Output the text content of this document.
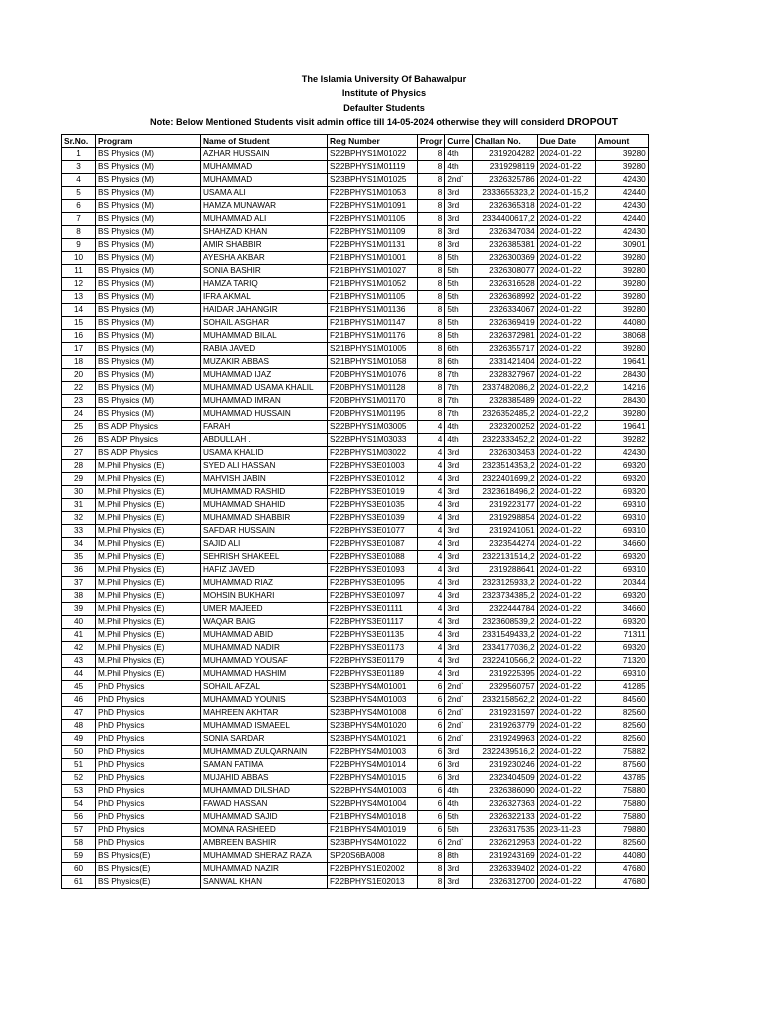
The Islamia University Of Bahawalpur
Institute of Physics
Defaulter Students
Note: Below Mentioned Students visit admin office till 14-05-2024 otherwise they will considerd DROPOUT
Sr.No.	Program	Name of Student	Reg Number	Progr	Curre	Challan No.	Due Date	Amount
1	BS Physics (M)	AZHAR HUSSAIN	S22BPHYS1M01022	8	4th	2319204282	2024-01-22	39280
3	BS Physics (M)	MUHAMMAD	S22BPHYS1M01119	8	4th	2319298119	2024-01-22	39280
4	BS Physics (M)	MUHAMMAD	S23BPHYS1M01025	8	2nd`	2326325786	2024-01-22	42430
5	BS Physics (M)	USAMA ALI	F22BPHYS1M01053	8	3rd	2333655323,2	2024-01-15,2	42440
6	BS Physics (M)	HAMZA MUNAWAR	F22BPHYS1M01091	8	3rd	2326365318	2024-01-22	42430
7	BS Physics (M)	MUHAMMAD ALI	F22BPHYS1M01105	8	3rd	2334400617,2	2024-01-22	42440
8	BS Physics (M)	SHAHZAD KHAN	F22BPHYS1M01109	8	3rd	2326347034	2024-01-22	42430
9	BS Physics (M)	AMIR SHABBIR	F22BPHYS1M01131	8	3rd	2326385381	2024-01-22	30901
10	BS Physics (M)	AYESHA AKBAR	F21BPHYS1M01001	8	5th	2326300369	2024-01-22	39280
11	BS Physics (M)	SONIA BASHIR	F21BPHYS1M01027	8	5th	2326308077	2024-01-22	39280
12	BS Physics (M)	HAMZA TARIQ	F21BPHYS1M01052	8	5th	2326316528	2024-01-22	39280
13	BS Physics (M)	IFRA AKMAL	F21BPHYS1M01105	8	5th	2326368992	2024-01-22	39280
14	BS Physics (M)	HAIDAR JAHANGIR	F21BPHYS1M01136	8	5th	2326334067	2024-01-22	39280
15	BS Physics (M)	SOHAIL ASGHAR	F21BPHYS1M01147	8	5th	2326369419	2024-01-22	44080
16	BS Physics (M)	MUHAMMAD BILAL	F21BPHYS1M01176	8	5th	2326372981	2024-01-22	38068
17	BS Physics (M)	RABIA JAVED	S21BPHYS1M01005	8	6th	2326355717	2024-01-22	39280
18	BS Physics (M)	MUZAKIR ABBAS	S21BPHYS1M01058	8	6th	2331421404	2024-01-22	19641
20	BS Physics (M)	MUHAMMAD IJAZ	F20BPHYS1M01076	8	7th	2328327967	2024-01-22	28430
22	BS Physics (M)	MUHAMMAD USAMA KHALIL	F20BPHYS1M01128	8	7th	2337482086,2	2024-01-22,2	14216
23	BS Physics (M)	MUHAMMAD IMRAN	F20BPHYS1M01170	8	7th	2328385489	2024-01-22	28430
24	BS Physics (M)	MUHAMMAD HUSSAIN	F20BPHYS1M01195	8	7th	2326352485,2	2024-01-22,2	39280
25	BS ADP Physics	FARAH	S22BPHYS1M03005	4	4th	2323200252	2024-01-22	19641
26	BS ADP Physics	ABDULLAH .	S22BPHYS1M03033	4	4th	2322333452,2	2024-01-22	39282
27	BS ADP Physics	USAMA KHALID	F22BPHYS1M03022	4	3rd	2326303453	2024-01-22	42430
28	M.Phil Physics (E)	SYED ALI HASSAN	F22BPHYS3E01003	4	3rd	2323514353,2	2024-01-22	69320
29	M.Phil Physics (E)	MAHVISH JABIN	F22BPHYS3E01012	4	3rd	2322401699,2	2024-01-22	69320
30	M.Phil Physics (E)	MUHAMMAD RASHID	F22BPHYS3E01019	4	3rd	2323618496,2	2024-01-22	69320
31	M.Phil Physics (E)	MUHAMMAD SHAHID	F22BPHYS3E01035	4	3rd	2319223177	2024-01-22	69310
32	M.Phil Physics (E)	MUHAMMAD SHABBIR	F22BPHYS3E01039	4	3rd	2319298854	2024-01-22	69310
33	M.Phil Physics (E)	SAFDAR HUSSAIN	F22BPHYS3E01077	4	3rd	2319241051	2024-01-22	69310
34	M.Phil Physics (E)	SAJID ALI	F22BPHYS3E01087	4	3rd	2323544274	2024-01-22	34660
35	M.Phil Physics (E)	SEHRISH SHAKEEL	F22BPHYS3E01088	4	3rd	2322131514,2	2024-01-22	69320
36	M.Phil Physics (E)	HAFIZ JAVED	F22BPHYS3E01093	4	3rd	2319288641	2024-01-22	69310
37	M.Phil Physics (E)	MUHAMMAD RIAZ	F22BPHYS3E01095	4	3rd	2323125933,2	2024-01-22	20344
38	M.Phil Physics (E)	MOHSIN BUKHARI	F22BPHYS3E01097	4	3rd	2323734385,2	2024-01-22	69320
39	M.Phil Physics (E)	UMER MAJEED	F22BPHYS3E01111	4	3rd	2322444784	2024-01-22	34660
40	M.Phil Physics (E)	WAQAR BAIG	F22BPHYS3E01117	4	3rd	2323608539,2	2024-01-22	69320
41	M.Phil Physics (E)	MUHAMMAD ABID	F22BPHYS3E01135	4	3rd	2331549433,2	2024-01-22	71311
42	M.Phil Physics (E)	MUHAMMAD NADIR	F22BPHYS3E01173	4	3rd	2334177036,2	2024-01-22	69320
43	M.Phil Physics (E)	MUHAMMAD YOUSAF	F22BPHYS3E01179	4	3rd	2322410566,2	2024-01-22	71320
44	M.Phil Physics (E)	MUHAMMAD HASHIM	F22BPHYS3E01189	4	3rd	2319225395	2024-01-22	69310
45	PhD Physics	SOHAIL AFZAL	S23BPHYS4M01001	6	2nd`	2329560757	2024-01-22	41285
46	PhD Physics	MUHAMMAD YOUNIS	S23BPHYS4M01003	6	2nd`	2332158562,2	2024-01-22	84560
47	PhD Physics	MAHREEN AKHTAR	S23BPHYS4M01008	6	2nd`	2319231597	2024-01-22	82560
48	PhD Physics	MUHAMMAD ISMAEEL	S23BPHYS4M01020	6	2nd`	2319263779	2024-01-22	82560
49	PhD Physics	SONIA SARDAR	S23BPHYS4M01021	6	2nd`	2319249963	2024-01-22	82560
50	PhD Physics	MUHAMMAD ZULQARNAIN	F22BPHYS4M01003	6	3rd	2322439516,2	2024-01-22	75882
51	PhD Physics	SAMAN FATIMA	F22BPHYS4M01014	6	3rd	2319230246	2024-01-22	87560
52	PhD Physics	MUJAHID ABBAS	F22BPHYS4M01015	6	3rd	2323404509	2024-01-22	43785
53	PhD Physics	MUHAMMAD DILSHAD	S22BPHYS4M01003	6	4th	2326386090	2024-01-22	75880
54	PhD Physics	FAWAD HASSAN	S22BPHYS4M01004	6	4th	2326327363	2024-01-22	75880
56	PhD Physics	MUHAMMAD SAJID	F21BPHYS4M01018	6	5th	2326322133	2024-01-22	75880
57	PhD Physics	MOMNA RASHEED	F21BPHYS4M01019	6	5th	2326317535	2023-11-23	79880
58	PhD Physics	AMBREEN BASHIR	S23BPHYS4M01022	6	2nd`	2326212953	2024-01-22	82560
59	BS Physics(E)	MUHAMMAD SHERAZ RAZA	SP20S6BA008	8	8th	2319243169	2024-01-22	44080
60	BS Physics(E)	MUHAMMAD NAZIR	F22BPHYS1E02002	8	3rd	2326339402	2024-01-22	47680
61	BS Physics(E)	SANWAL KHAN	F22BPHYS1E02013	8	3rd	2326312700	2024-01-22	47680
